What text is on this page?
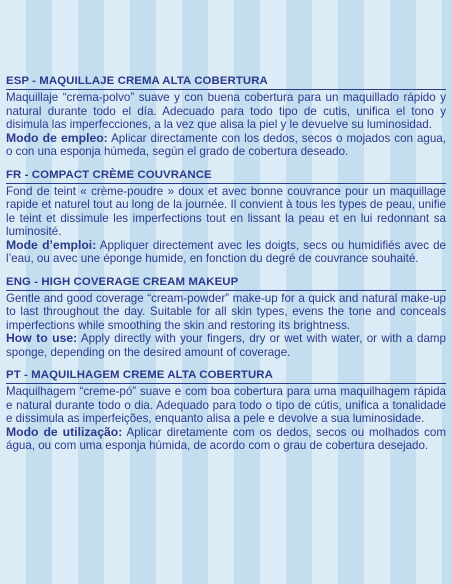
ESP - MAQUILLAJE CREMA ALTA COBERTURA

Maquillaje “crema-polvo” suave y con buena cobertura para un maquillado rápido y natural durante todo el día. Adecuado para todo tipo de cutis, unifica el tono y disimula las imperfecciones, a la vez que alisa la piel y le devuelve su luminosidad.

Modo de empleo: Aplicar directamente con los dedos, secos o mojados con agua, o con una esponja húmeda, según el grado de cobertura deseado.

FR - COMPACT CRÈME COUVRANCE

Fond de teint « crème-poudre » doux et avec bonne couvrance pour un maquillage rapide et naturel tout au long de la journée. Il convient à tous les types de peau, unifie le teint et dissimule les imperfections tout en lissant la peau et en lui redonnant sa luminosité.

Mode d’emploi: Appliquer directement avec les doigts, secs ou humidifiés avec de l’eau, ou avec une éponge humide, en fonction du degré de couvrance souhaité.

ENG - HIGH COVERAGE CREAM MAKEUP

Gentle and good coverage “cream-powder” make-up for a quick and natural make-up to last throughout the day. Suitable for all skin types, evens the tone and conceals imperfections while smoothing the skin and restoring its brightness.

How to use: Apply directly with your fingers, dry or wet with water, or with a damp sponge, depending on the desired amount of coverage.

PT - MAQUILHAGEM CREME ALTA COBERTURA

Maquilhagem “creme-pó” suave e com boa cobertura para uma maquilhagem rápida e natural durante todo o dia. Adequado para todo o tipo de cútis, unifica a tonalidade e dissimula as imperfeições, enquanto alisa a pele e devolve a sua luminosidade.

Modo de utilização: Aplicar diretamente com os dedos, secos ou molhados com água, ou com uma esponja húmida, de acordo com o grau de cobertura desejado.
